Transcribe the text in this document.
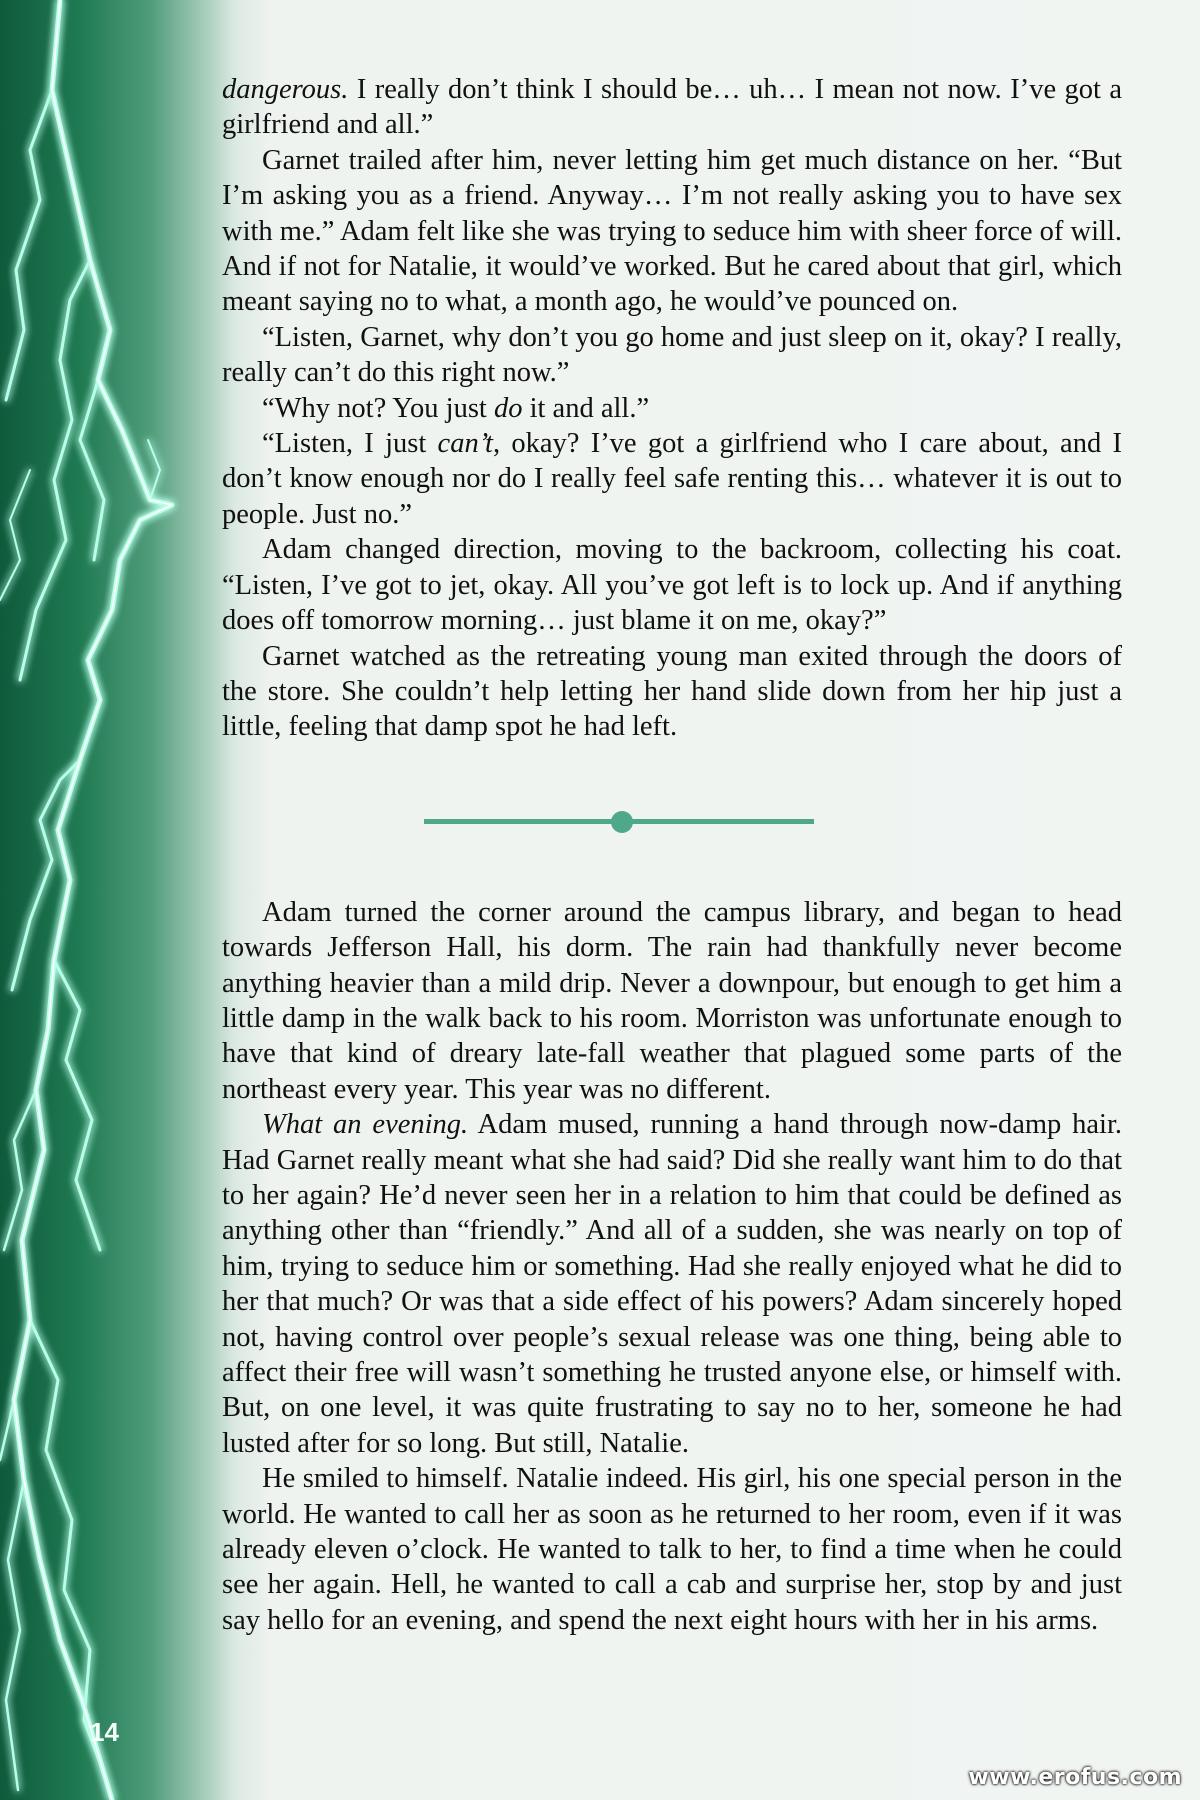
dangerous. I really don’t think I should be… uh… I mean not now. I’ve got a girlfriend and all.”

Garnet trailed after him, never letting him get much distance on her. “But I’m asking you as a friend. Anyway… I’m not really asking you to have sex with me.” Adam felt like she was trying to seduce him with sheer force of will. And if not for Natalie, it would’ve worked. But he cared about that girl, which meant saying no to what, a month ago, he would’ve pounced on.

“Listen, Garnet, why don’t you go home and just sleep on it, okay? I really, really can’t do this right now.”

“Why not? You just do it and all.”

“Listen, I just can’t, okay? I’ve got a girlfriend who I care about, and I don’t know enough nor do I really feel safe renting this… whatever it is out to people. Just no.”

Adam changed direction, moving to the backroom, collecting his coat. “Listen, I’ve got to jet, okay. All you’ve got left is to lock up. And if anything does off tomorrow morning… just blame it on me, okay?”

Garnet watched as the retreating young man exited through the doors of the store. She couldn’t help letting her hand slide down from her hip just a little, feeling that damp spot he had left.

Adam turned the corner around the campus library, and began to head towards Jefferson Hall, his dorm. The rain had thankfully never become anything heavier than a mild drip. Never a downpour, but enough to get him a little damp in the walk back to his room. Morriston was unfortunate enough to have that kind of dreary late-fall weather that plagued some parts of the northeast every year. This year was no different.

What an evening. Adam mused, running a hand through now-damp hair. Had Garnet really meant what she had said? Did she really want him to do that to her again? He’d never seen her in a relation to him that could be defined as anything other than “friendly.” And all of a sudden, she was nearly on top of him, trying to seduce him or something. Had she really enjoyed what he did to her that much? Or was that a side effect of his powers? Adam sincerely hoped not, having control over people’s sexual release was one thing, being able to affect their free will wasn’t something he trusted anyone else, or himself with. But, on one level, it was quite frustrating to say no to her, someone he had lusted after for so long. But still, Natalie.

He smiled to himself. Natalie indeed. His girl, his one special person in the world. He wanted to call her as soon as he returned to her room, even if it was already eleven o’clock. He wanted to talk to her, to find a time when he could see her again. Hell, he wanted to call a cab and surprise her, stop by and just say hello for an evening, and spend the next eight hours with her in his arms.

14
www.erofus.com
